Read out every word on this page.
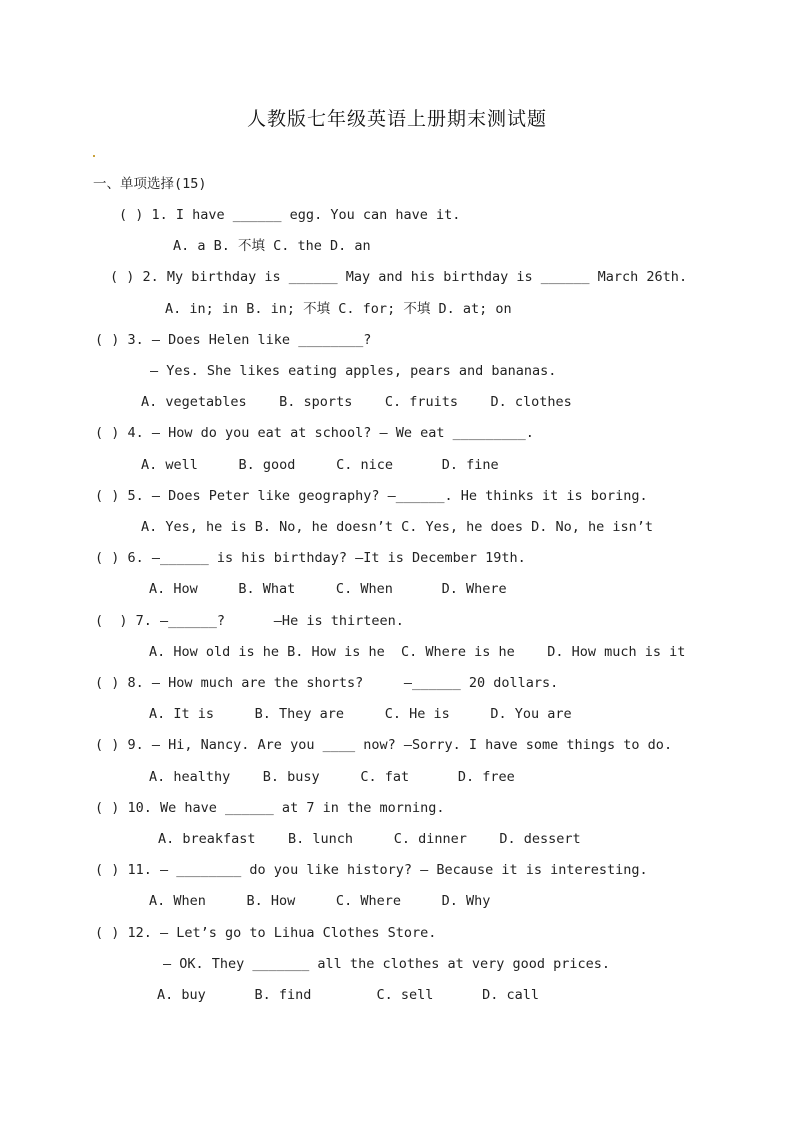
人教版七年级英语上册期末测试题
一、单项选择(15)
( ) 1. I have ______ egg. You can have it.
A. a B. 不填 C. the D. an
( ) 2. My birthday is ______ May and his birthday is ______ March 26th.
A. in; in B. in; 不填 C. for; 不填 D. at; on
( ) 3. — Does Helen like ________?
— Yes. She likes eating apples, pears and bananas.
A. vegetables    B. sports    C. fruits    D. clothes
( ) 4. — How do you eat at school? — We eat _________.
A. well     B. good     C. nice      D. fine
( ) 5. — Does Peter like geography? —______. He thinks it is boring.
A. Yes, he is B. No, he doesn’t C. Yes, he does D. No, he isn’t
( ) 6. —______ is his birthday? —It is December 19th.
A. How     B. What     C. When      D. Where
(  ) 7. —______?      —He is thirteen.
A. How old is he B. How is he  C. Where is he    D. How much is it
( ) 8. — How much are the shorts?     —______ 20 dollars.
A. It is     B. They are     C. He is     D. You are
( ) 9. — Hi, Nancy. Are you ____ now? —Sorry. I have some things to do.
A. healthy    B. busy     C. fat      D. free
( ) 10. We have ______ at 7 in the morning.
A. breakfast    B. lunch     C. dinner    D. dessert
( ) 11. — ________ do you like history? — Because it is interesting.
A. When     B. How     C. Where     D. Why
( ) 12. — Let’s go to Lihua Clothes Store.
— OK. They _______ all the clothes at very good prices.
A. buy      B. find        C. sell      D. call
